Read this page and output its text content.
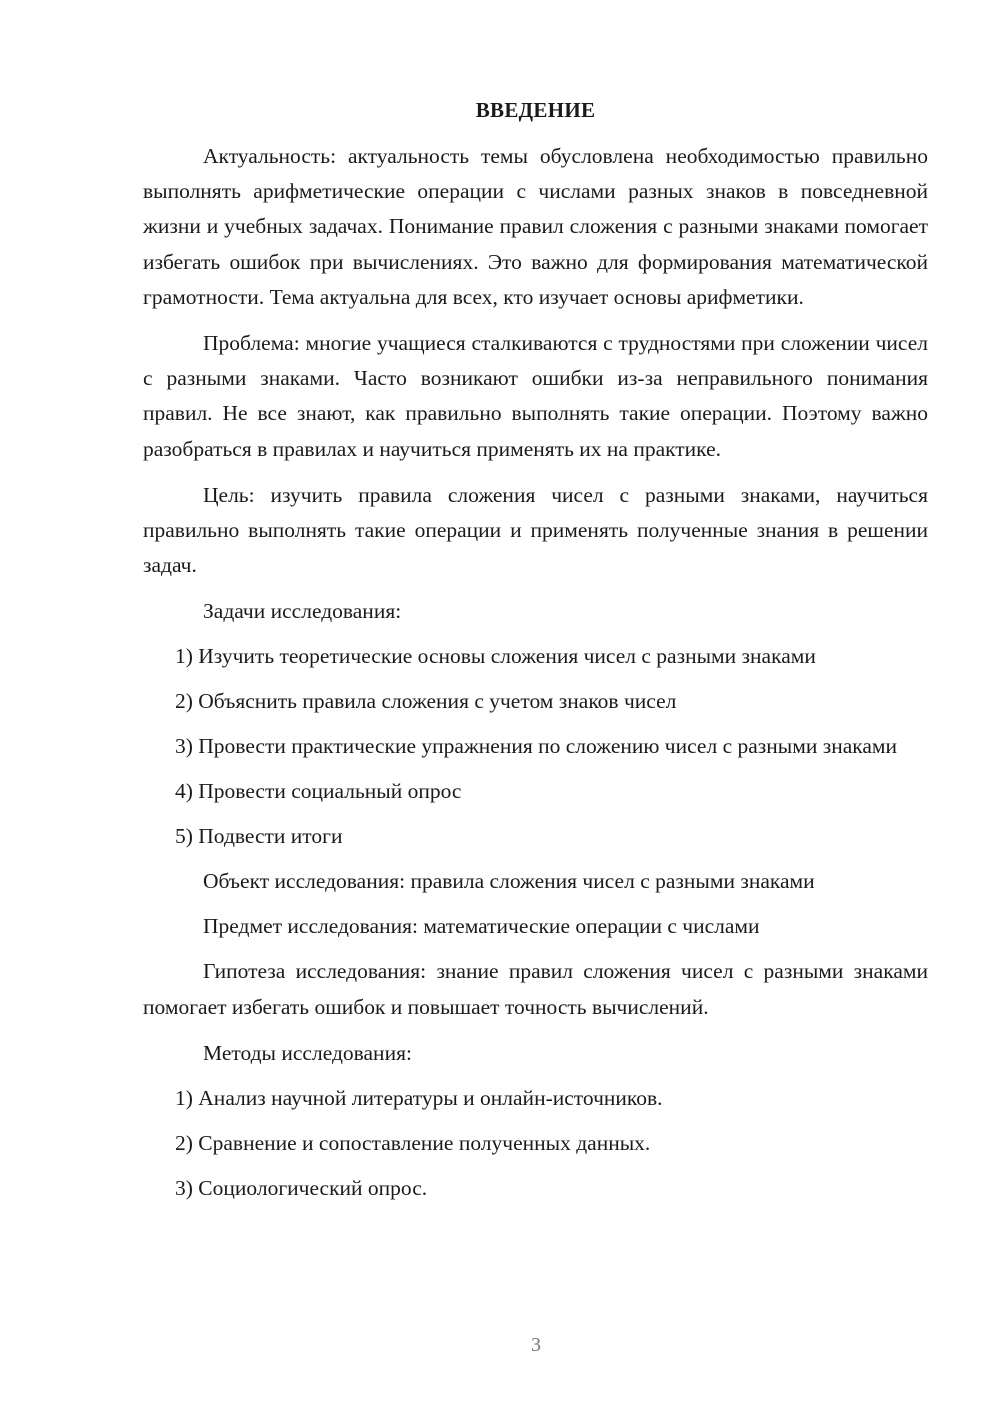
ВВЕДЕНИЕ

Актуальность: актуальность темы обусловлена необходимостью правильно выполнять арифметические операции с числами разных знаков в повседневной жизни и учебных задачах. Понимание правил сложения с разными знаками помогает избегать ошибок при вычислениях. Это важно для формирования математической грамотности. Тема актуальна для всех, кто изучает основы арифметики.

Проблема: многие учащиеся сталкиваются с трудностями при сложении чисел с разными знаками. Часто возникают ошибки из-за неправильного понимания правил. Не все знают, как правильно выполнять такие операции. Поэтому важно разобраться в правилах и научиться применять их на практике.

Цель: изучить правила сложения чисел с разными знаками, научиться правильно выполнять такие операции и применять полученные знания в решении задач.

Задачи исследования:

1) Изучить теоретические основы сложения чисел с разными знаками

2) Объяснить правила сложения с учетом знаков чисел

3) Провести практические упражнения по сложению чисел с разными знаками

4) Провести социальный опрос

5) Подвести итоги

Объект исследования: правила сложения чисел с разными знаками

Предмет исследования: математические операции с числами

Гипотеза исследования: знание правил сложения чисел с разными знаками помогает избегать ошибок и повышает точность вычислений.

Методы исследования:

1) Анализ научной литературы и онлайн-источников.

2) Сравнение и сопоставление полученных данных.

3) Социологический опрос.

3
